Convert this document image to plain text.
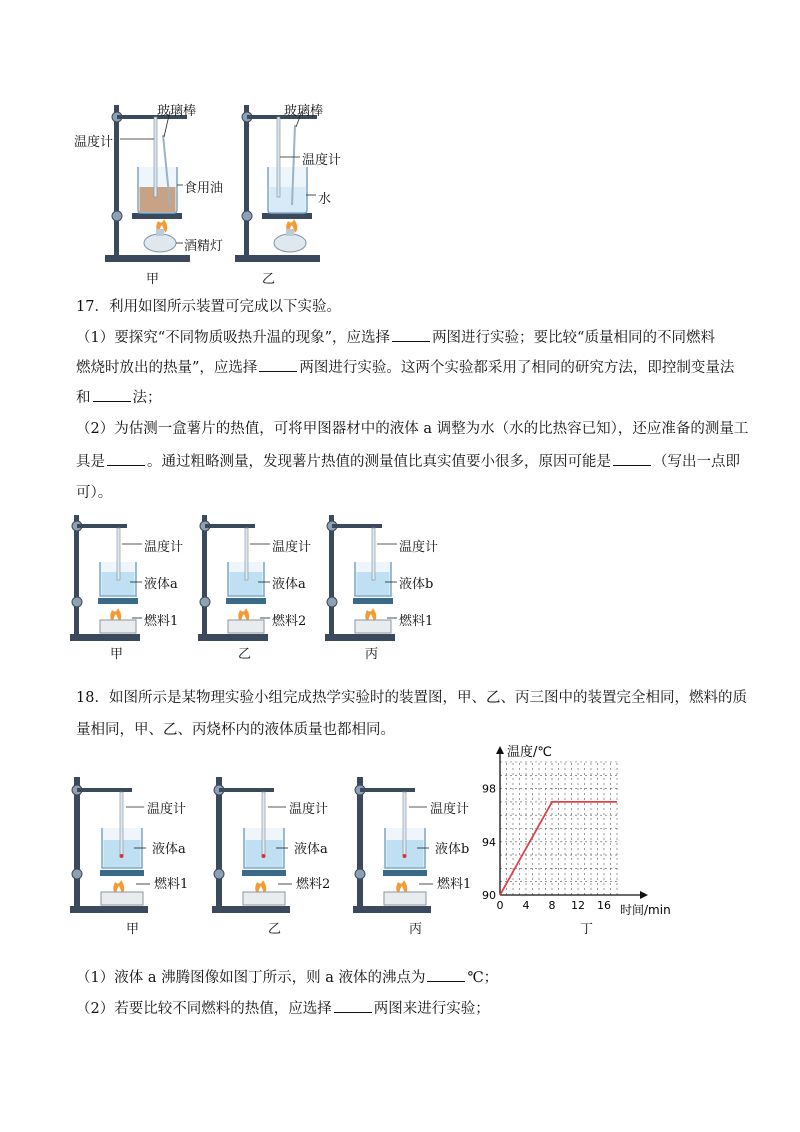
玻璃棒
温度计
食用油
酒精灯
玻璃棒
温度计
水
甲	乙
17．利用如图所示装置可完成以下实验。
（1）要探究“不同物质吸热升温的现象”，应选择	两图进行实验；要比较“质量相同的不同燃料
燃烧时放出的热量”，应选择	两图进行实验。这两个实验都采用了相同的研究方法，即控制变量法
和	法；
（2）为估测一盒薯片的热值，可将甲图器材中的液体 a 调整为水（水的比热容已知），还应准备的测量工
具是	。通过粗略测量，发现薯片热值的测量值比真实值要小很多，原因可能是	（写出一点即
可）。
温度计
液体a
燃料1
甲
温度计
液体a
燃料2
乙
温度计
液体b
燃料1
丙
18．如图所示是某物理实验小组完成热学实验时的装置图，甲、乙、丙三图中的装置完全相同，燃料的质
量相同，甲、乙、丙烧杯内的液体质量也都相同。
温度计
液体a
燃料1
甲
温度计
液体a
燃料2
乙
温度计
液体b
燃料1
丙
0 4 8 12 16
90
94
98
温度/℃
时间/min
丁
（1）液体 a 沸腾图像如图丁所示，则 a 液体的沸点为	℃；
（2）若要比较不同燃料的热值，应选择	两图来进行实验；
